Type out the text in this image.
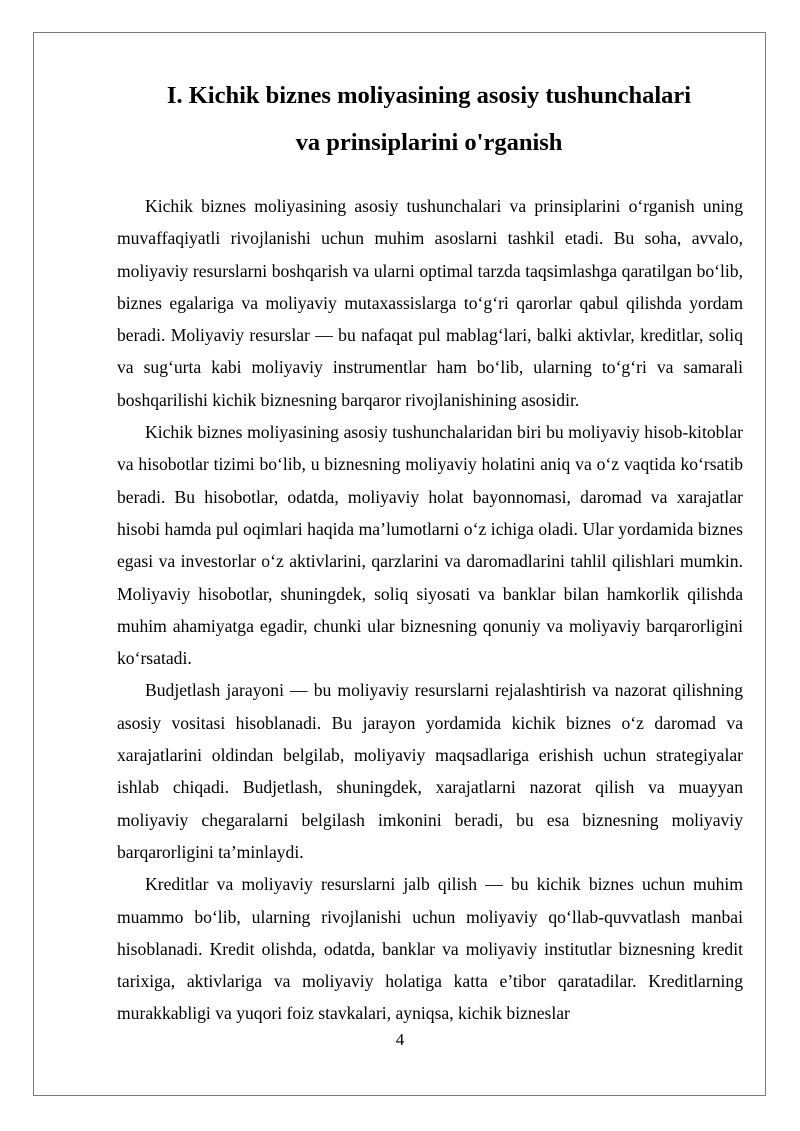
I. Kichik biznes moliyasining asosiy tushunchalari
va prinsiplarini o'rganish

Kichik biznes moliyasining asosiy tushunchalari va prinsiplarini o‘rganish uning muvaffaqiyatli rivojlanishi uchun muhim asoslarni tashkil etadi. Bu soha, avvalo, moliyaviy resurslarni boshqarish va ularni optimal tarzda taqsimlashga qaratilgan bo‘lib, biznes egalariga va moliyaviy mutaxassislarga to‘g‘ri qarorlar qabul qilishda yordam beradi. Moliyaviy resurslar — bu nafaqat pul mablag‘lari, balki aktivlar, kreditlar, soliq va sug‘urta kabi moliyaviy instrumentlar ham bo‘lib, ularning to‘g‘ri va samarali boshqarilishi kichik biznesning barqaror rivojlanishining asosidir.

Kichik biznes moliyasining asosiy tushunchalaridan biri bu moliyaviy hisob-kitoblar va hisobotlar tizimi bo‘lib, u biznesning moliyaviy holatini aniq va o‘z vaqtida ko‘rsatib beradi. Bu hisobotlar, odatda, moliyaviy holat bayonnomasi, daromad va xarajatlar hisobi hamda pul oqimlari haqida ma’lumotlarni o‘z ichiga oladi. Ular yordamida biznes egasi va investorlar o‘z aktivlarini, qarzlarini va daromadlarini tahlil qilishlari mumkin. Moliyaviy hisobotlar, shuningdek, soliq siyosati va banklar bilan hamkorlik qilishda muhim ahamiyatga egadir, chunki ular biznesning qonuniy va moliyaviy barqarorligini ko‘rsatadi.

Budjetlash jarayoni — bu moliyaviy resurslarni rejalashtirish va nazorat qilishning asosiy vositasi hisoblanadi. Bu jarayon yordamida kichik biznes o‘z daromad va xarajatlarini oldindan belgilab, moliyaviy maqsadlariga erishish uchun strategiyalar ishlab chiqadi. Budjetlash, shuningdek, xarajatlarni nazorat qilish va muayyan moliyaviy chegaralarni belgilash imkonini beradi, bu esa biznesning moliyaviy barqarorligini ta’minlaydi.

Kreditlar va moliyaviy resurslarni jalb qilish — bu kichik biznes uchun muhim muammo bo‘lib, ularning rivojlanishi uchun moliyaviy qo‘llab-quvvatlash manbai hisoblanadi. Kredit olishda, odatda, banklar va moliyaviy institutlar biznesning kredit tarixiga, aktivlariga va moliyaviy holatiga katta e’tibor qaratadilar. Kreditlarning murakkabligi va yuqori foiz stavkalari, ayniqsa, kichik bizneslar

4
